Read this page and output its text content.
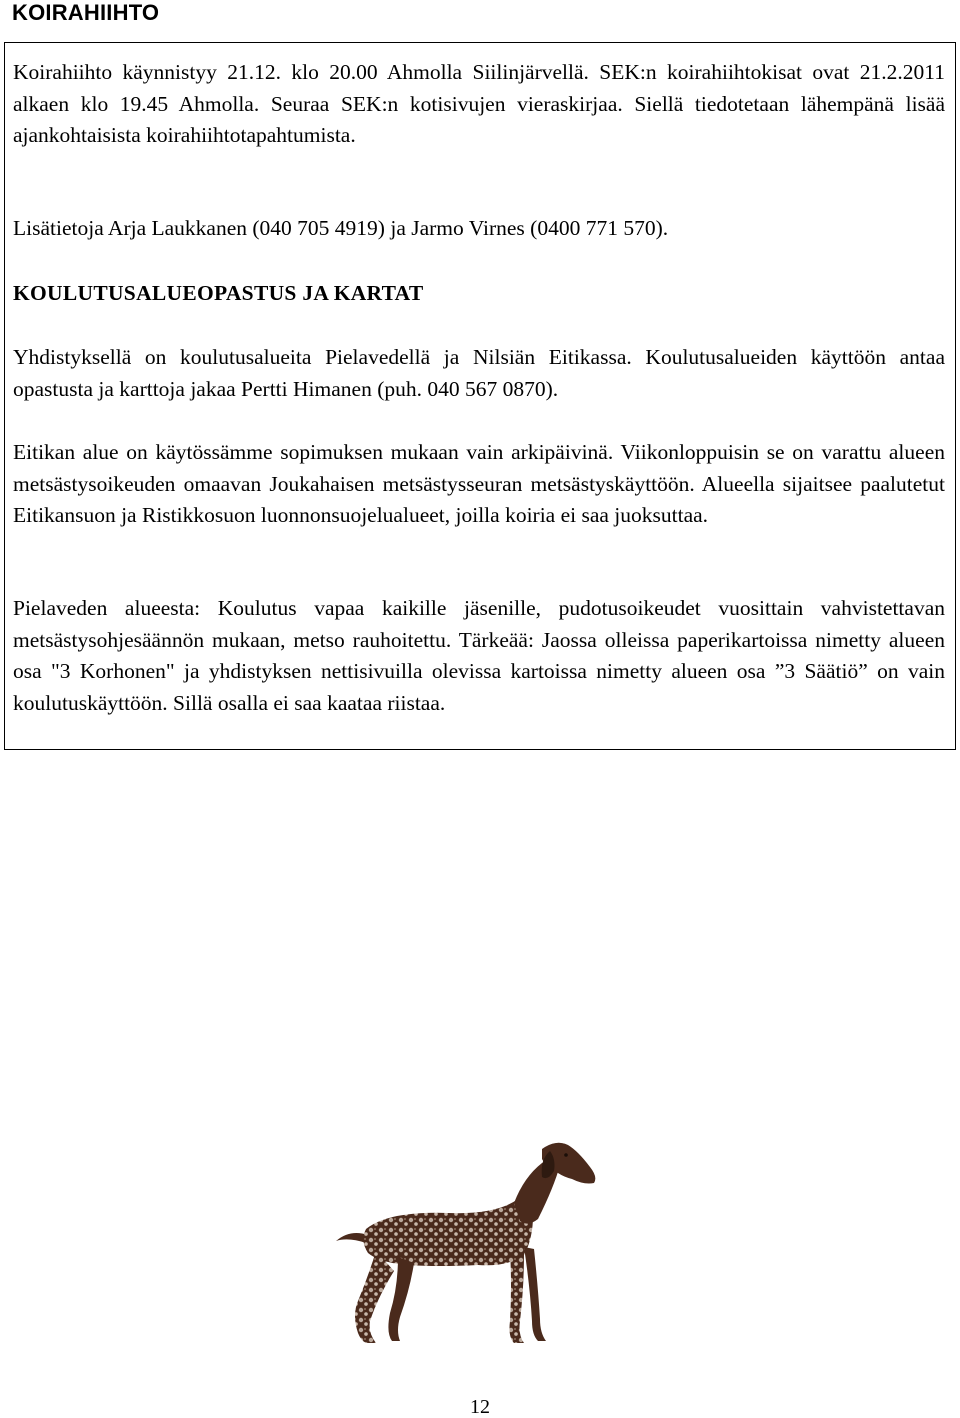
KOIRAHIIHTO

Koirahiihto käynnistyy 21.12. klo 20.00 Ahmolla Siilinjärvellä. SEK:n koirahiihtokisat ovat 21.2.2011 alkaen klo 19.45 Ahmolla. Seuraa SEK:n kotisivujen vieraskirjaa. Siellä tiedotetaan lähempänä lisää ajankohtaisista koirahiihtotapahtumista.

Lisätietoja Arja Laukkanen (040 705 4919) ja Jarmo Virnes (0400 771 570).

KOULUTUSALUEOPASTUS JA KARTAT

Yhdistyksellä on koulutusalueita Pielavedellä ja Nilsiän Eitikassa. Koulutusalueiden käyttöön antaa opastusta ja karttoja jakaa Pertti Himanen (puh. 040 567 0870).

Eitikan alue on käytössämme sopimuksen mukaan vain arkipäivinä. Viikonloppuisin se on varattu alueen metsästysoikeuden omaavan Joukahaisen metsästysseuran metsästyskäyttöön. Alueella sijaitsee paalutetut Eitikansuon ja Ristikkosuon luonnonsuojelualueet, joilla koiria ei saa juoksuttaa.

Pielaveden alueesta: Koulutus vapaa kaikille jäsenille, pudotusoikeudet vuosittain vahvistettavan metsästysohjesäännön mukaan, metso rauhoitettu. Tärkeää: Jaossa olleissa paperikartoissa nimetty alueen osa "3 Korhonen" ja yhdistyksen nettisivuilla olevissa kartoissa nimetty alueen osa ”3 Säätiö” on vain koulutuskäyttöön. Sillä osalla ei saa kaataa riistaa.

12
